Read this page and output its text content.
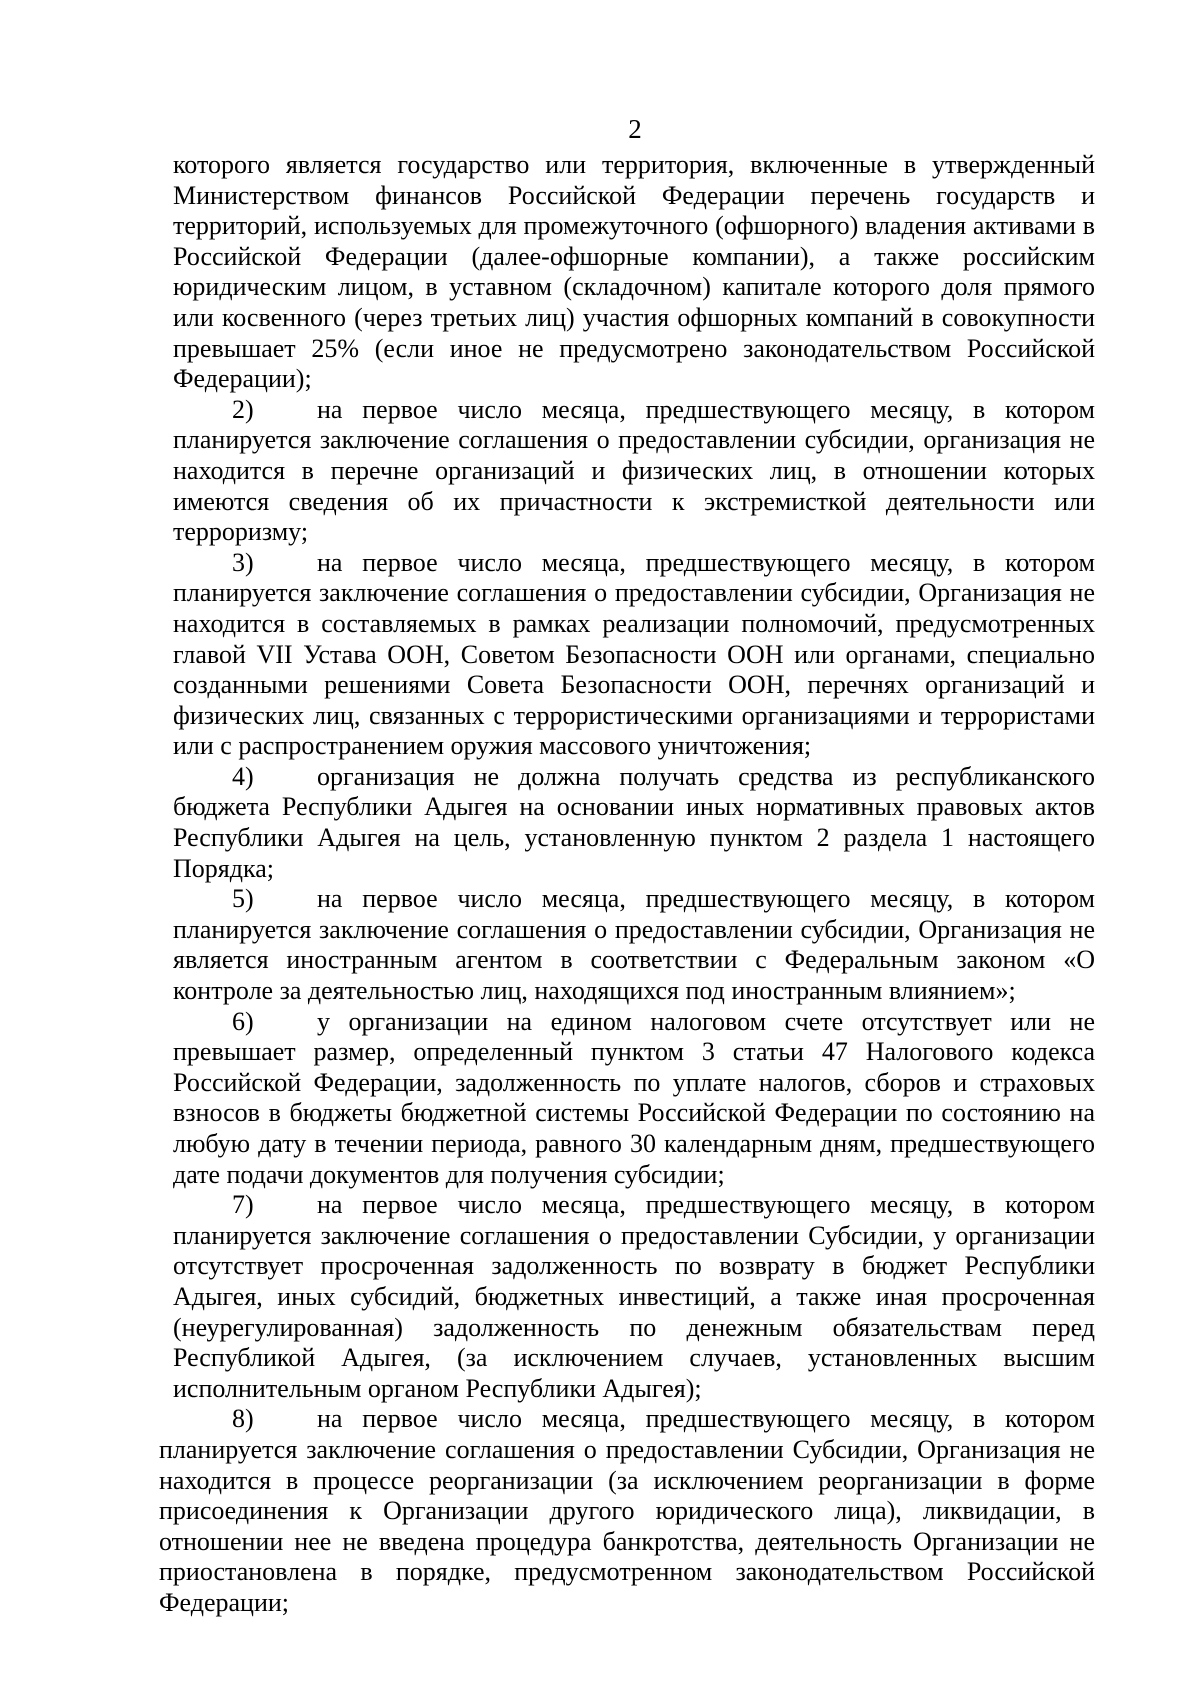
2

которого является государство или территория, включенные в утвержденный Министерством финансов Российской Федерации перечень государств и территорий, используемых для промежуточного (офшорного) владения активами в Российской Федерации (далее-офшорные компании), а также российским юридическим лицом, в уставном (складочном) капитале которого доля прямого или косвенного (через третьих лиц) участия офшорных компаний в совокупности превышает 25% (если иное не предусмотрено законодательством Российской Федерации);

2) на первое число месяца, предшествующего месяцу, в котором планируется заключение соглашения о предоставлении субсидии, организация не находится в перечне организаций и физических лиц, в отношении которых имеются сведения об их причастности к экстремисткой деятельности или терроризму;

3) на первое число месяца, предшествующего месяцу, в котором планируется заключение соглашения о предоставлении субсидии, Организация не находится в составляемых в рамках реализации полномочий, предусмотренных главой VII Устава ООН, Советом Безопасности ООН или органами, специально созданными решениями Совета Безопасности ООН, перечнях организаций и физических лиц, связанных с террористическими организациями и террористами или с распространением оружия массового уничтожения;

4) организация не должна получать средства из республиканского бюджета Республики Адыгея на основании иных нормативных правовых актов Республики Адыгея на цель, установленную пунктом 2 раздела 1 настоящего Порядка;

5) на первое число месяца, предшествующего месяцу, в котором планируется заключение соглашения о предоставлении субсидии, Организация не является иностранным агентом в соответствии с Федеральным законом «О контроле за деятельностью лиц, находящихся под иностранным влиянием»;

6) у организации на едином налоговом счете отсутствует или не превышает размер, определенный пунктом 3 статьи 47 Налогового кодекса Российской Федерации, задолженность по уплате налогов, сборов и страховых взносов в бюджеты бюджетной системы Российской Федерации по состоянию на любую дату в течении периода, равного 30 календарным дням, предшествующего дате подачи документов для получения субсидии;

7) на первое число месяца, предшествующего месяцу, в котором планируется заключение соглашения о предоставлении Субсидии, у организации отсутствует просроченная задолженность по возврату в бюджет Республики Адыгея, иных субсидий, бюджетных инвестиций, а также иная просроченная (неурегулированная) задолженность по денежным обязательствам перед Республикой Адыгея, (за исключением случаев, установленных высшим исполнительным органом Республики Адыгея);

8) на первое число месяца, предшествующего месяцу, в котором планируется заключение соглашения о предоставлении Субсидии, Организация не находится в процессе реорганизации (за исключением реорганизации в форме присоединения к Организации другого юридического лица), ликвидации, в отношении нее не введена процедура банкротства, деятельность Организации не приостановлена в порядке, предусмотренном законодательством Российской Федерации;
